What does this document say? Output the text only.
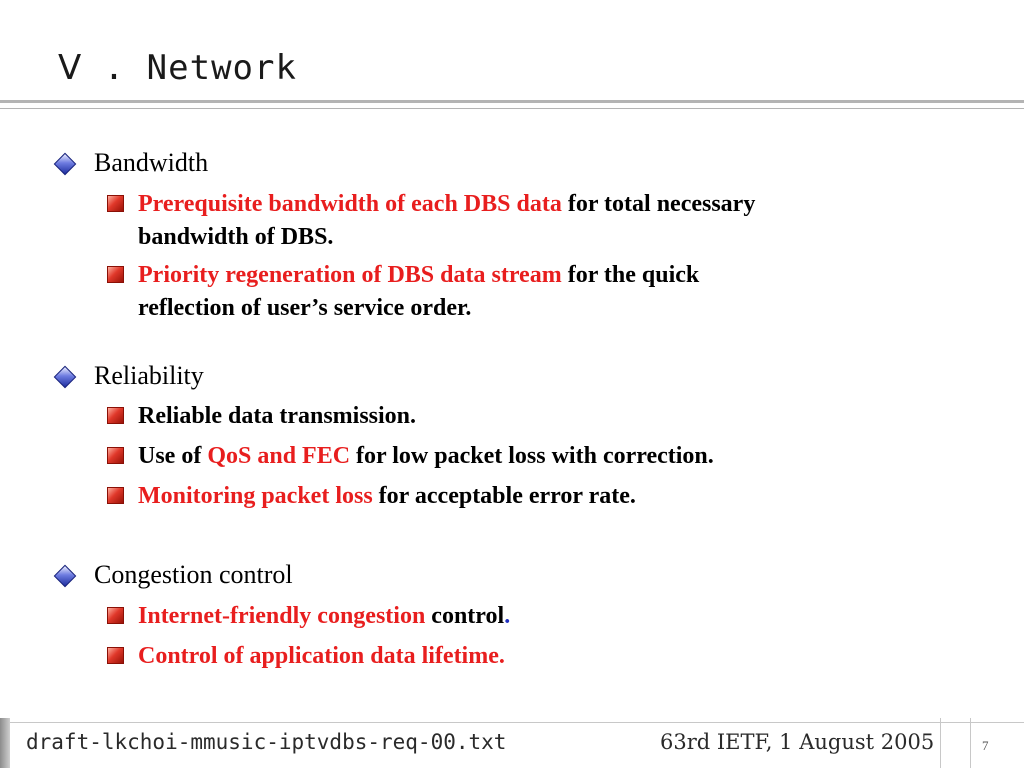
Ⅴ . Network
Bandwidth
Prerequisite bandwidth of each DBS data for total necessary
bandwidth of DBS.
Priority regeneration of DBS data stream for the quick
reflection of user’s service order.
Reliability
Reliable data transmission.
Use of QoS and FEC for low packet loss with correction.
Monitoring packet loss for acceptable error rate.
Congestion control
Internet-friendly congestion control.
Control of application data lifetime.
draft-lkchoi-mmusic-iptvdbs-req-00.txt	63rd IETF, 1 August 2005	7
